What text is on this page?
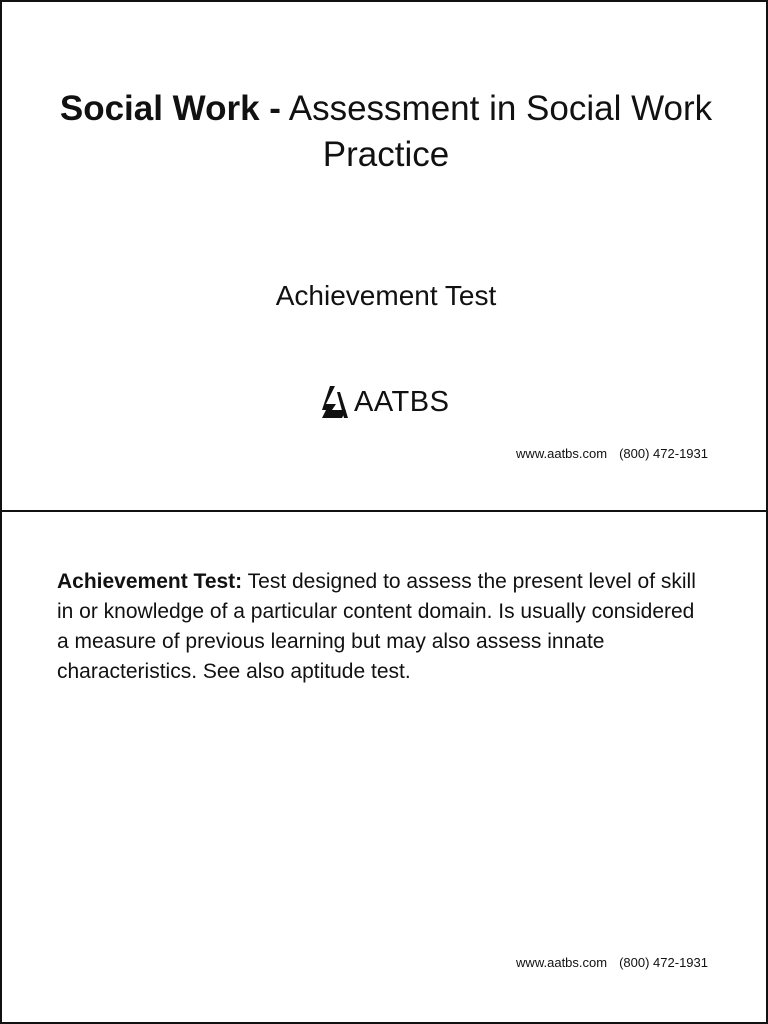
Social Work - Assessment in Social Work Practice
Achievement Test
AATBS
www.aatbs.com (800) 472-1931

Achievement Test: Test designed to assess the present level of skill in or knowledge of a particular content domain. Is usually considered a measure of previous learning but may also assess innate characteristics. See also aptitude test.

www.aatbs.com (800) 472-1931
